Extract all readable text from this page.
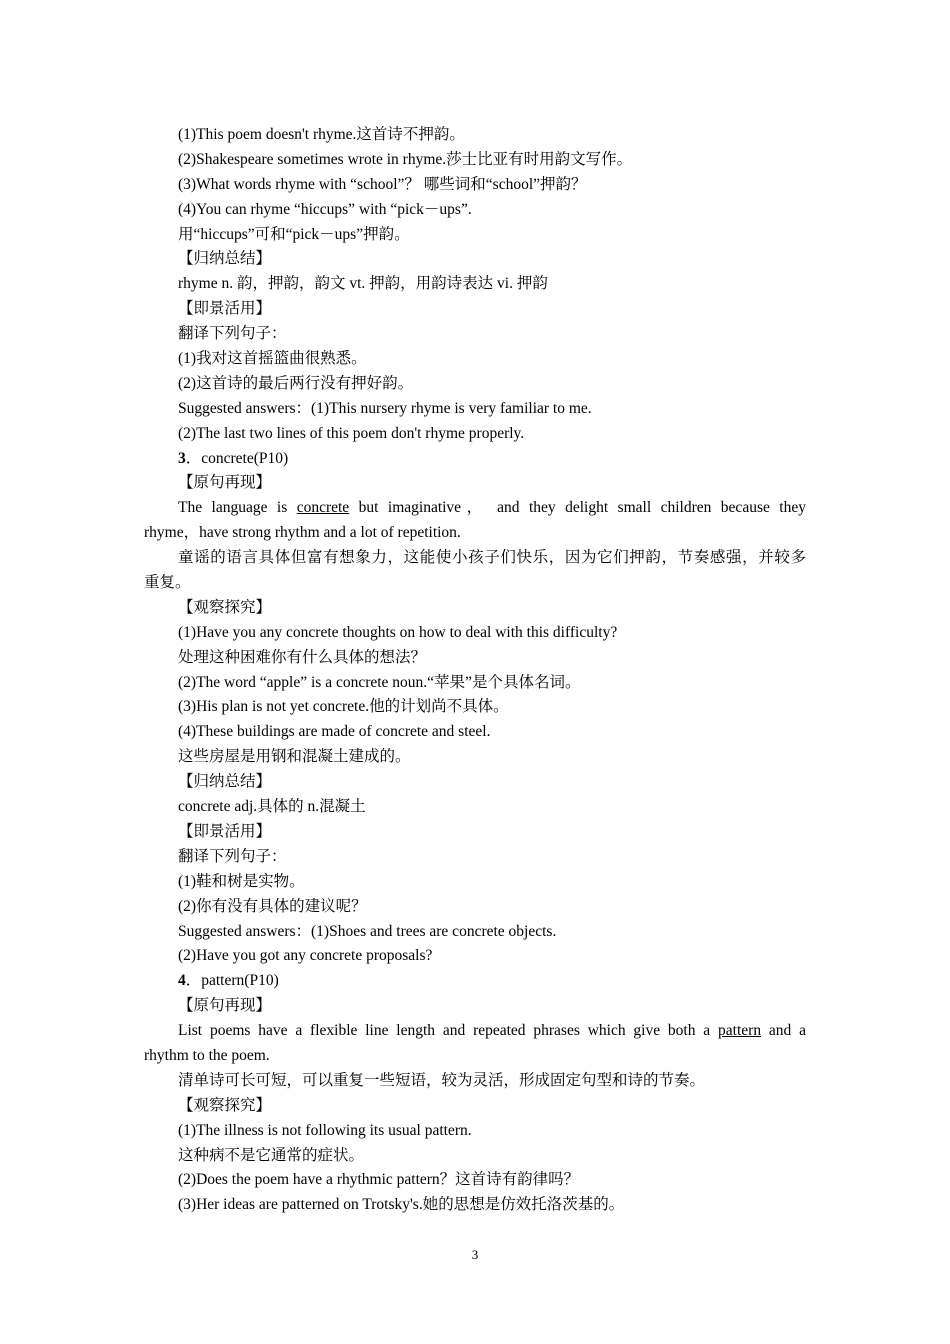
(1)This poem doesn't rhyme.这首诗不押韵。
(2)Shakespeare sometimes wrote in rhyme.莎士比亚有时用韵文写作。
(3)What words rhyme with “school”？ 哪些词和“school”押韵？
(4)You can rhyme “hiccups” with “pick－ups”.
用“hiccups”可和“pick－ups”押韵。
【归纳总结】
rhyme n. 韵，押韵，韵文 vt. 押韵，用韵诗表达 vi. 押韵
【即景活用】
翻译下列句子：
(1)我对这首摇篮曲很熟悉。
(2)这首诗的最后两行没有押好韵。
Suggested answers：(1)This nursery rhyme is very familiar to me.
(2)The last two lines of this poem don't rhyme properly.
3．concrete(P10)
【原句再现】
The language is concrete but imaginative， and they delight small children because they
rhyme，have strong rhythm and a lot of repetition.
童谣的语言具体但富有想象力，这能使小孩子们快乐，因为它们押韵，节奏感强，并较多
重复。
【观察探究】
(1)Have you any concrete thoughts on how to deal with this difficulty?
处理这种困难你有什么具体的想法？
(2)The word “apple” is a concrete noun.“苹果”是个具体名词。
(3)His plan is not yet concrete.他的计划尚不具体。
(4)These buildings are made of concrete and steel.
这些房屋是用钢和混凝土建成的。
【归纳总结】
concrete adj.具体的 n.混凝土
【即景活用】
翻译下列句子：
(1)鞋和树是实物。
(2)你有没有具体的建议呢？
Suggested answers：(1)Shoes and trees are concrete objects.
(2)Have you got any concrete proposals?
4．pattern(P10)
【原句再现】
List poems have a flexible line length and repeated phrases which give both a pattern and a
rhythm to the poem.
清单诗可长可短，可以重复一些短语，较为灵活，形成固定句型和诗的节奏。
【观察探究】
(1)The illness is not following its usual pattern.
这种病不是它通常的症状。
(2)Does the poem have a rhythmic pattern？这首诗有韵律吗？
(3)Her ideas are patterned on Trotsky's.她的思想是仿效托洛茨基的。
3
